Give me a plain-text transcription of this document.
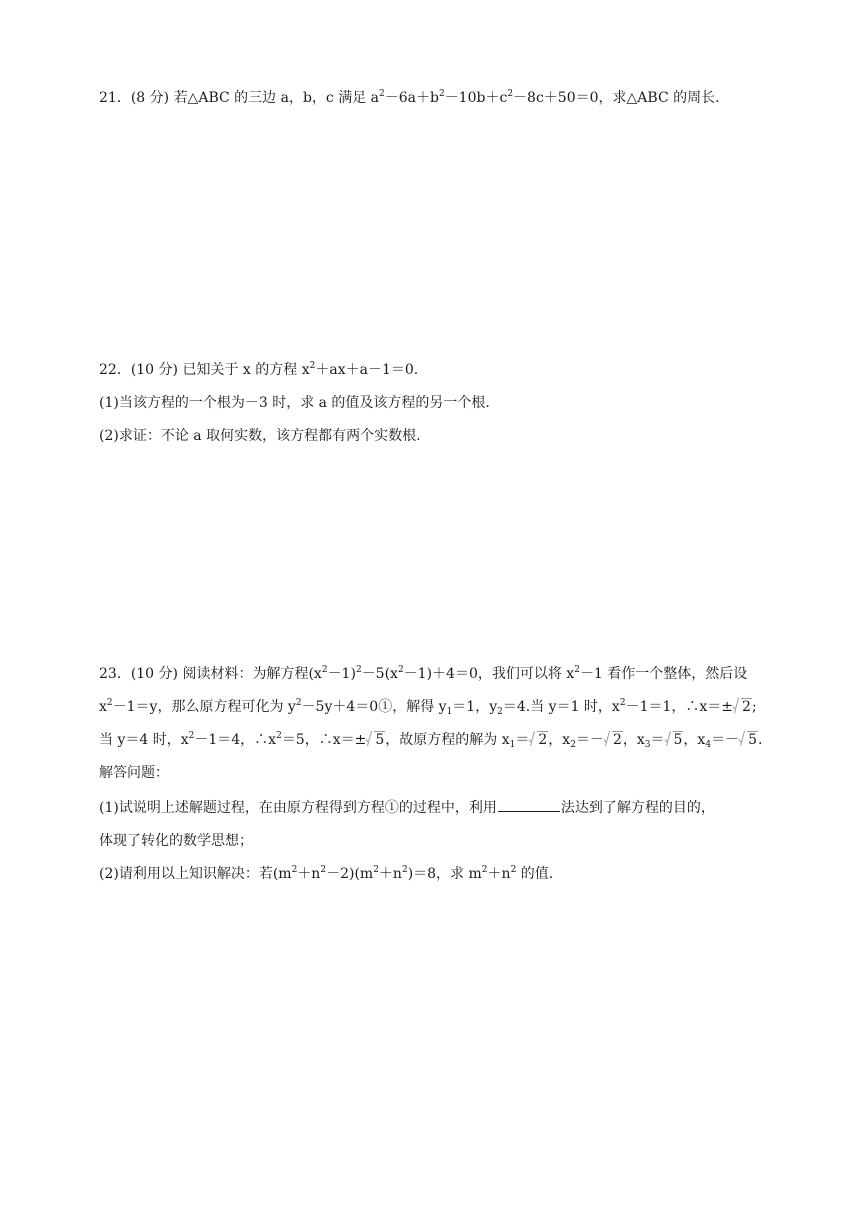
21．(8 分) 若△ABC 的三边 a，b，c 满足 $a^2-6a+b^2-10b+c^2-8c+50=0$，求△ABC 的周长.
22．(10 分) 已知关于 x 的方程 $x^2+ax+a-1=0$.
(1)当该方程的一个根为－3 时，求 a 的值及该方程的另一个根.
(2)求证：不论 a 取何实数，该方程都有两个实数根.
23．(10 分) 阅读材料：为解方程$(x^2-1)^2-5(x^2-1)+4=0$，我们可以将 $x^2-1$ 看作一个整体，然后设
$x^2-1=y$，那么原方程可化为 $y^2-5y+4=0①$，解得 $y_1=1$，$y_2=4$.当 y＝1 时，$x^2-1=1$，∴x＝± 2;
当 y＝4 时，$x^2-1=4$，$\therefore x^2=5$，∴x＝± 5，故原方程的解为 $x_1= 2$，$x_2=- 2$，$x_3= 5$，$x_4=- 5$.
解答问题：
(1)试说明上述解题过程，在由原方程得到方程①的过程中，利用	法达到了解方程的目的，
体现了转化的数学思想；
(2)请利用以上知识解决：若$(m^2+n^2-2)(m^2+n^2)=8$，求 $m^2+n^2$ 的值.
